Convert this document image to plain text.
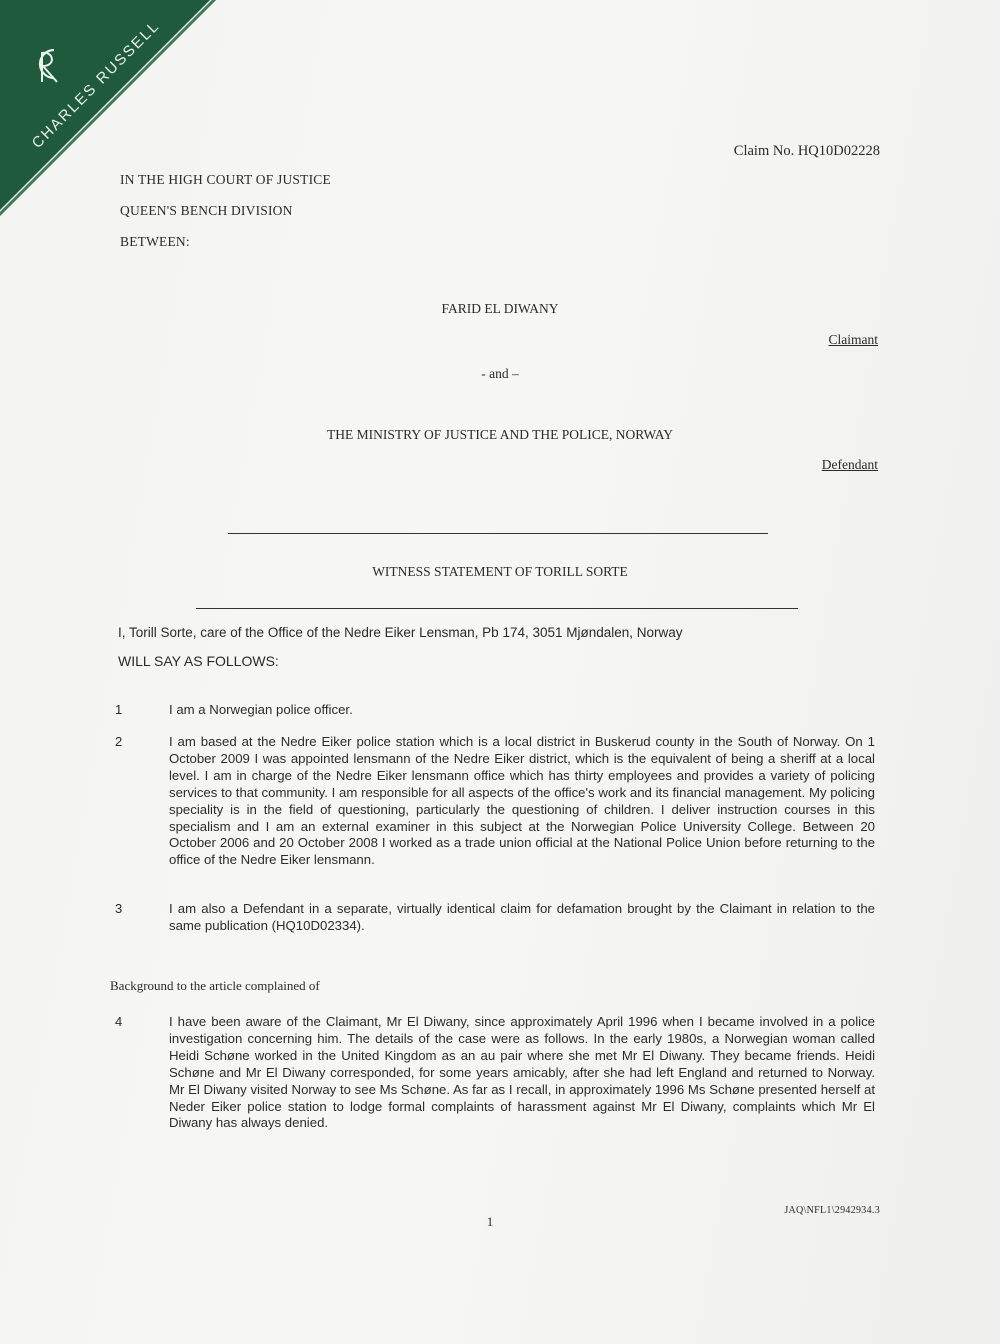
CHARLES RUSSELL	Claim No. HQ10D02228
IN THE HIGH COURT OF JUSTICE
QUEEN'S BENCH DIVISION
BETWEEN:
FARID EL DIWANY
Claimant
- and –
THE MINISTRY OF JUSTICE AND THE POLICE, NORWAY
Defendant
WITNESS STATEMENT OF TORILL SORTE
I, Torill Sorte, care of the Office of the Nedre Eiker Lensman, Pb 174, 3051 Mjøndalen, Norway
WILL SAY AS FOLLOWS:
1	I am a Norwegian police officer.
2	I am based at the Nedre Eiker police station which is a local district in Buskerud county in the South of Norway. On 1 October 2009 I was appointed lensmann of the Nedre Eiker district, which is the equivalent of being a sheriff at a local level. I am in charge of the Nedre Eiker lensmann office which has thirty employees and provides a variety of policing services to that community. I am responsible for all aspects of the office's work and its financial management. My policing speciality is in the field of questioning, particularly the questioning of children. I deliver instruction courses in this specialism and I am an external examiner in this subject at the Norwegian Police University College. Between 20 October 2006 and 20 October 2008 I worked as a trade union official at the National Police Union before returning to the office of the Nedre Eiker lensmann.
3	I am also a Defendant in a separate, virtually identical claim for defamation brought by the Claimant in relation to the same publication (HQ10D02334).
Background to the article complained of
4	I have been aware of the Claimant, Mr El Diwany, since approximately April 1996 when I became involved in a police investigation concerning him. The details of the case were as follows. In the early 1980s, a Norwegian woman called Heidi Schøne worked in the United Kingdom as an au pair where she met Mr El Diwany. They became friends. Heidi Schøne and Mr El Diwany corresponded, for some years amicably, after she had left England and returned to Norway. Mr El Diwany visited Norway to see Ms Schøne. As far as I recall, in approximately 1996 Ms Schøne presented herself at Neder Eiker police station to lodge formal complaints of harassment against Mr El Diwany, complaints which Mr El Diwany has always denied.
JAQ\NFL1\2942934.3
1
